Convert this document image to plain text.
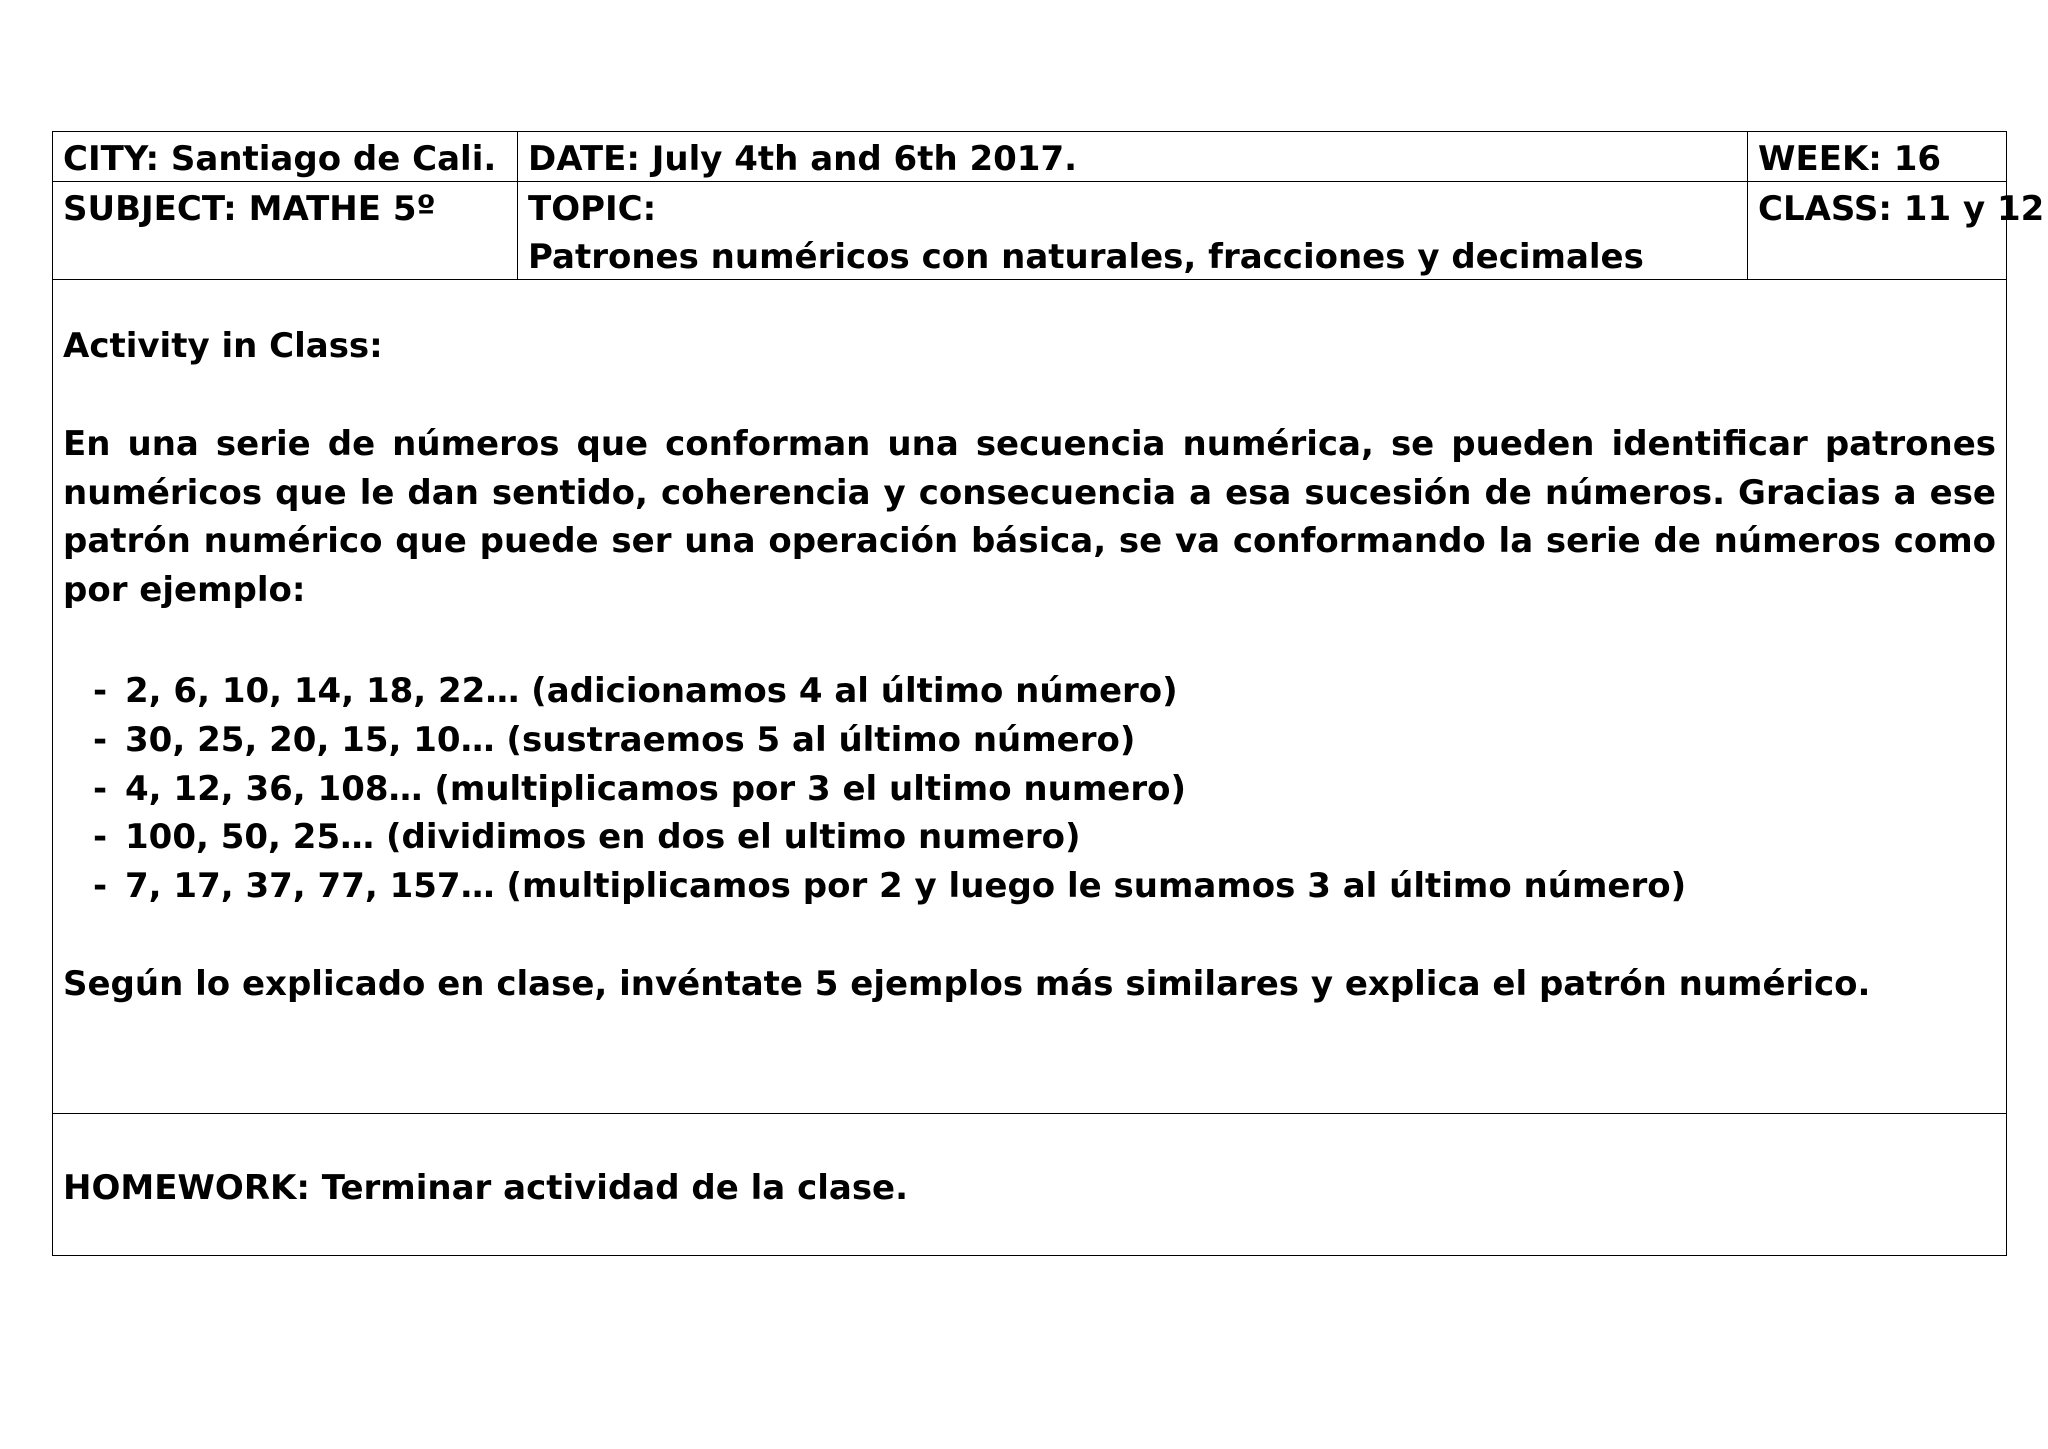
CITY: Santiago de Cali. DATE: July 4th and 6th 2017.	WEEK: 16
SUBJECT: MATHE 5º	TOPIC:
Patrones numéricos con naturales, fracciones y decimales
CLASS: 11 y 12
Activity in Class:
En una serie de números que conforman una secuencia numérica, se pueden identificar patrones numéricos que le dan sentido, coherencia y consecuencia a esa sucesión de números. Gracias a ese patrón numérico que puede ser una operación básica, se va conformando la serie de números como por ejemplo:
- 2, 6, 10, 14, 18, 22… (adicionamos 4 al último número)
- 30, 25, 20, 15, 10… (sustraemos 5 al último número)
- 4, 12, 36, 108… (multiplicamos por 3 el ultimo numero)
- 100, 50, 25… (dividimos en dos el ultimo numero)
- 7, 17, 37, 77, 157… (multiplicamos por 2 y luego le sumamos 3 al último número)
Según lo explicado en clase, invéntate 5 ejemplos más similares y explica el patrón numérico.
HOMEWORK: Terminar actividad de la clase.
